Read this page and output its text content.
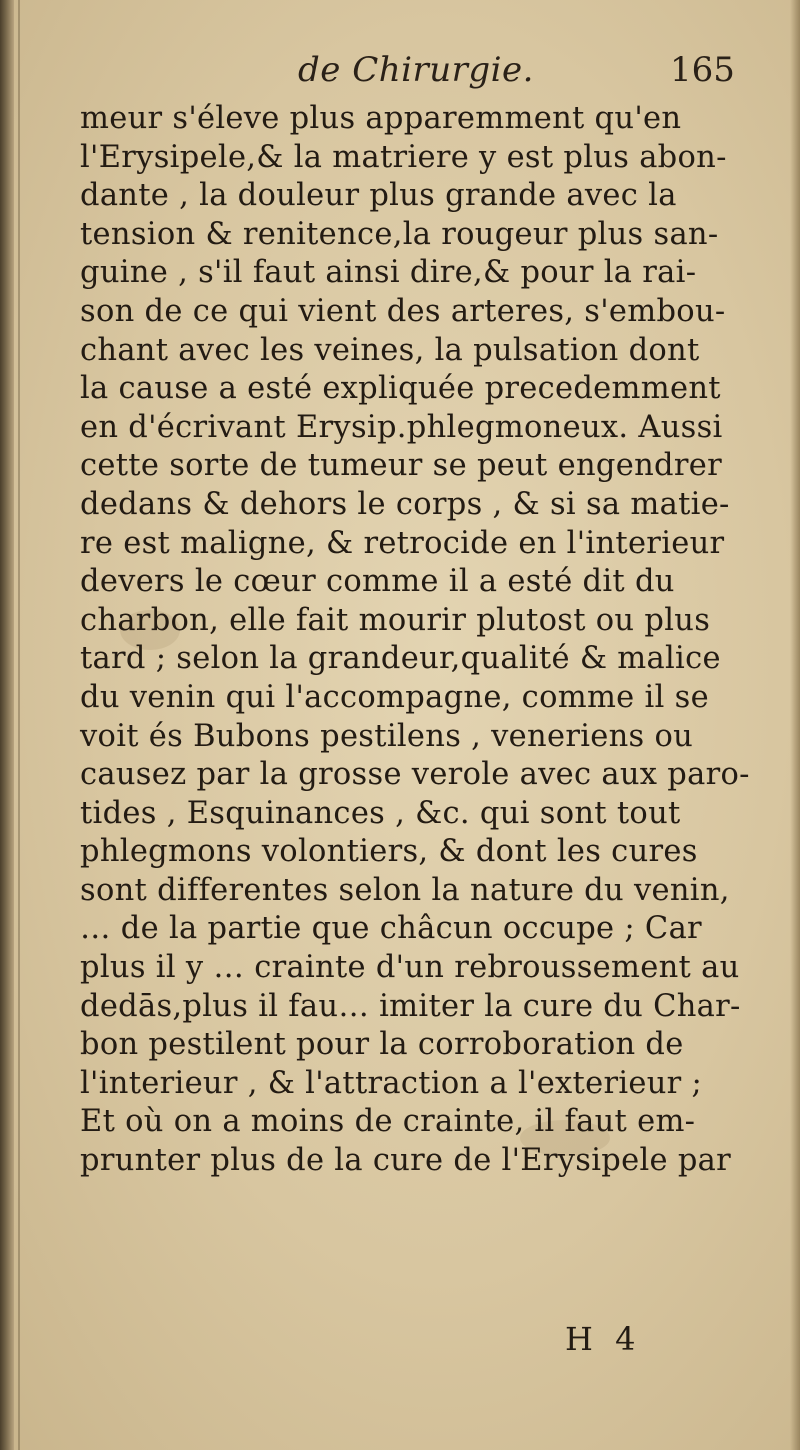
de Chirurgie.	165
meur s'éleve plus apparemment qu'en
l'Erysipele,& la matriere y est plus abon-
dante , la douleur plus grande avec la
tension & renitence,la rougeur plus san-
guine , s'il faut ainsi dire,& pour la rai-
son de ce qui vient des arteres, s'embou-
chant avec les veines, la pulsation dont
la cause a esté expliquée precedemment
en d'écrivant Erysip.phlegmoneux. Aussi
cette sorte de tumeur se peut engendrer
dedans & dehors le corps , & si sa matie-
re est maligne, & retrocide en l'interieur
devers le cœur comme il a esté dit du
charbon, elle fait mourir plutost ou plus
tard ; selon la grandeur,qualité & malice
du venin qui l'accompagne, comme il se
voit és Bubons pestilens , veneriens ou
causez par la grosse verole avec aux paro-
tides , Esquinances , &c. qui sont tout
phlegmons volontiers, & dont les cures
sont differentes selon la nature du venin,
… de la partie que châcun occupe ; Car
plus il y … crainte d'un rebroussement au
dedās,plus il fau… imiter la cure du Char-
bon pestilent pour la corroboration de
l'interieur , & l'attraction a l'exterieur ;
Et où on a moins de crainte, il faut em-
prunter plus de la cure de l'Erysipele par
H 4
